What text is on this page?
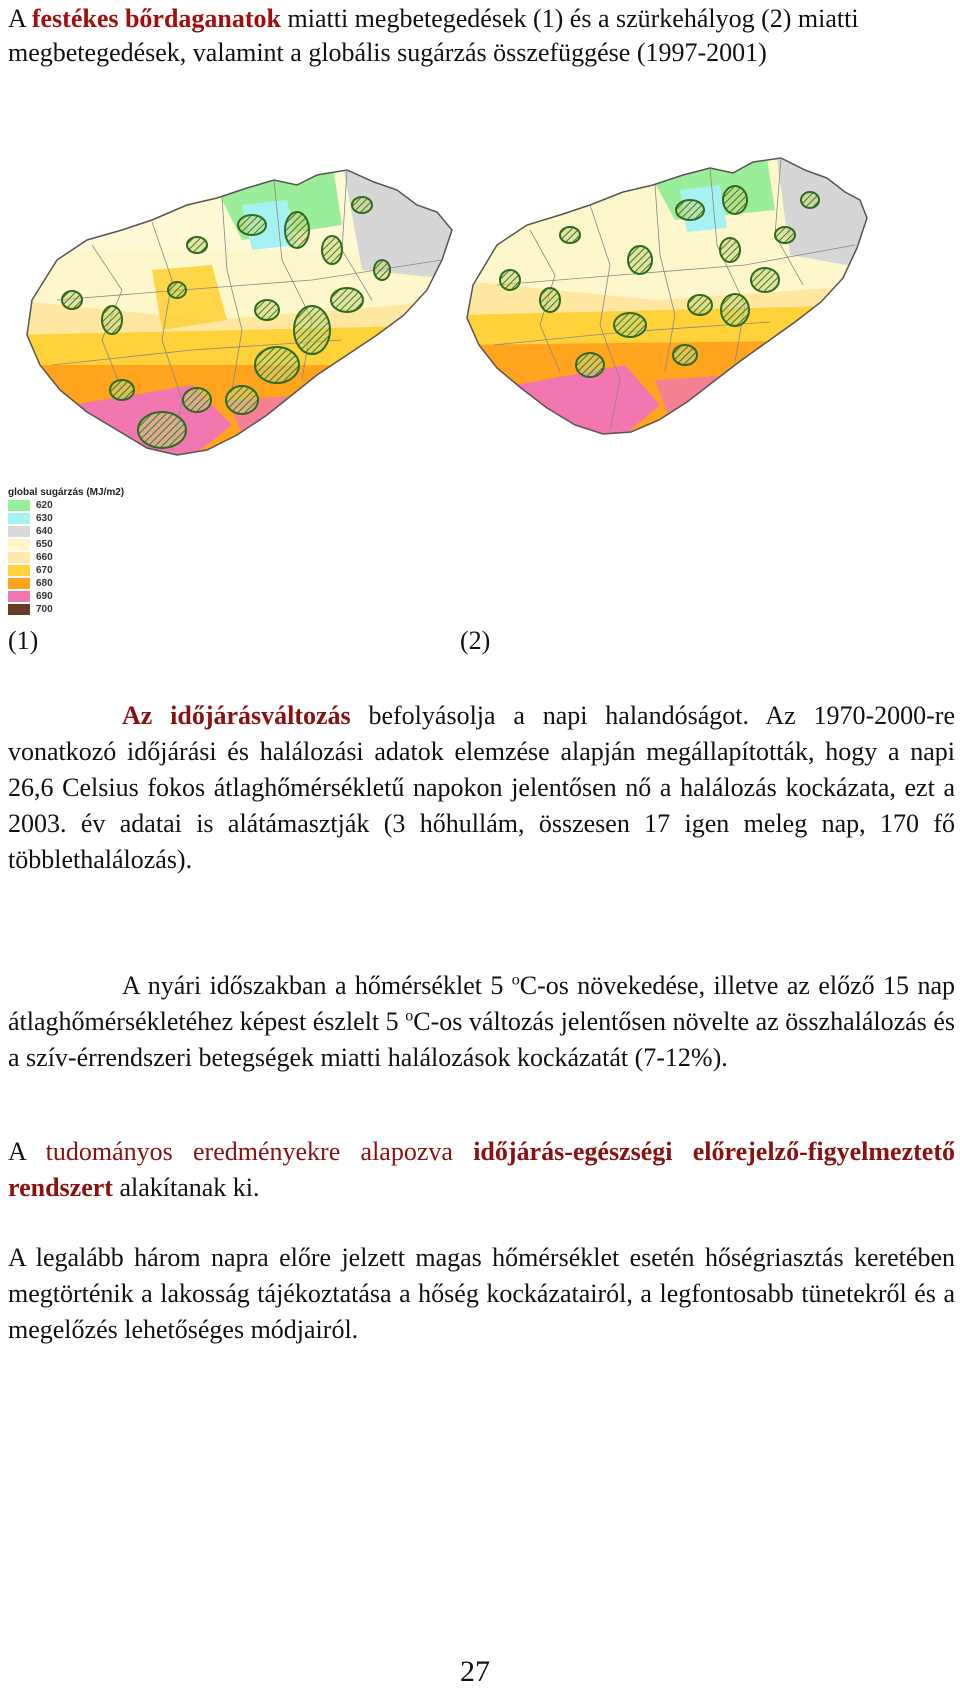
A festékes bőrdaganatok miatti megbetegedések (1) és a szürkehályog (2) miatti megbetegedések, valamint a globális sugárzás összefüggése (1997-2001)
global sugárzás (MJ/m2)
620
630
640
650
660
670
680
690
700
(1)	(2)
Az időjárásváltozás befolyásolja a napi halandóságot. Az 1970-2000-re vonatkozó időjárási és halálozási adatok elemzése alapján megállapították, hogy a napi 26,6 Celsius fokos átlaghőmérsékletű napokon jelentősen nő a halálozás kockázata, ezt a 2003. év adatai is alátámasztják (3 hőhullám, összesen 17 igen meleg nap, 170 fő többlethalálozás).
A nyári időszakban a hőmérséklet 5 $^o$C-os növekedése, illetve az előző 15 nap átlaghőmérsékletéhez képest észlelt 5 $^o$C-os változás jelentősen növelte az összhalálozás és a szív-érrendszeri betegségek miatti halálozások kockázatát (7-12%).
A tudományos eredményekre alapozva időjárás-egészségi előrejelző-figyelmeztető rendszert alakítanak ki.
A legalább három napra előre jelzett magas hőmérséklet esetén hőségriasztás keretében megtörténik a lakosság tájékoztatása a hőség kockázatairól, a legfontosabb tünetekről és a megelőzés lehetőséges módjairól.
27
